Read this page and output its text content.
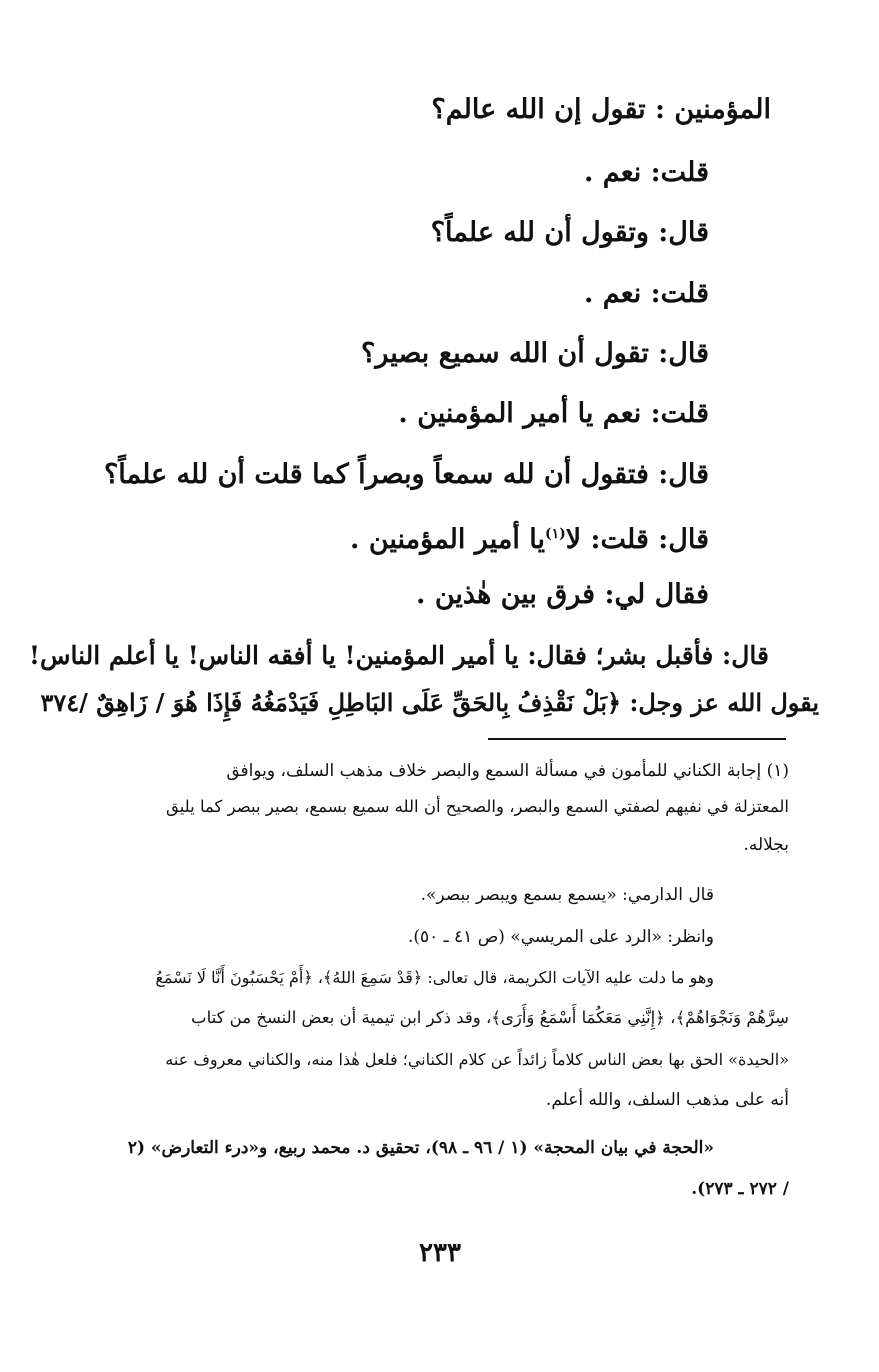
المؤمنين : تقول إن الله عالم؟
قلت: نعم .
قال: وتقول أن لله علماً؟
قلت: نعم .
قال: تقول أن الله سميع بصير؟
قلت: نعم يا أمير المؤمنين .
قال: فتقول أن لله سمعاً وبصراً كما قلت أن لله علماً؟
قال: قلت: لا$^{(١)}$يا أمير المؤمنين .
فقال لي: فرق بين هٰذين .
قال: فأقبل بشر؛ فقال: يا أمير المؤمنين! يا أفقه الناس! يا أعلم الناس!
يقول الله عز وجل: ﴿بَلْ نَقْذِفُ بِالحَقِّ عَلَى البَاطِلِ فَيَدْمَغُهُ فَإِذَا هُوَ / زَاهِقٌ /٣٧٤
(١) إجابة الكناني للمأمون في مسألة السمع والبصر خلاف مذهب السلف، ويوافق
المعتزلة في نفيهم لصفتي السمع والبصر، والصحيح أن الله سميع بسمع، بصير ببصر كما يليق
بجلاله.
قال الدارمي: «يسمع بسمع ويبصر ببصر».
وانظر: «الرد على المريسي» (ص ٤١ ـ ٥٠).
وهو ما دلت عليه الآيات الكريمة، قال تعالى: ﴿قَدْ سَمِعَ اللهُ﴾، ﴿أَمْ يَحْسَبُونَ أَنَّا لَا نَسْمَعُ
سِرَّهُمْ وَنَجْوَاهُمْ﴾، ﴿إِنَّنِي مَعَكُمَا أَسْمَعُ وَأَرَى﴾، وقد ذكر ابن تيمية أن بعض النسخ من كتاب
«الحيدة» الحق بها بعض الناس كلاماً زائداً عن كلام الكناني؛ فلعل هٰذا منه، والكناني معروف عنه
أنه على مذهب السلف، والله أعلم.
«الحجة في بيان المحجة» (١ / ٩٦ ـ ٩٨)، تحقيق د. محمد ربيع، و«درء التعارض» (٢
/ ٢٧٢ ـ ٢٧٣).
٢٣٣
